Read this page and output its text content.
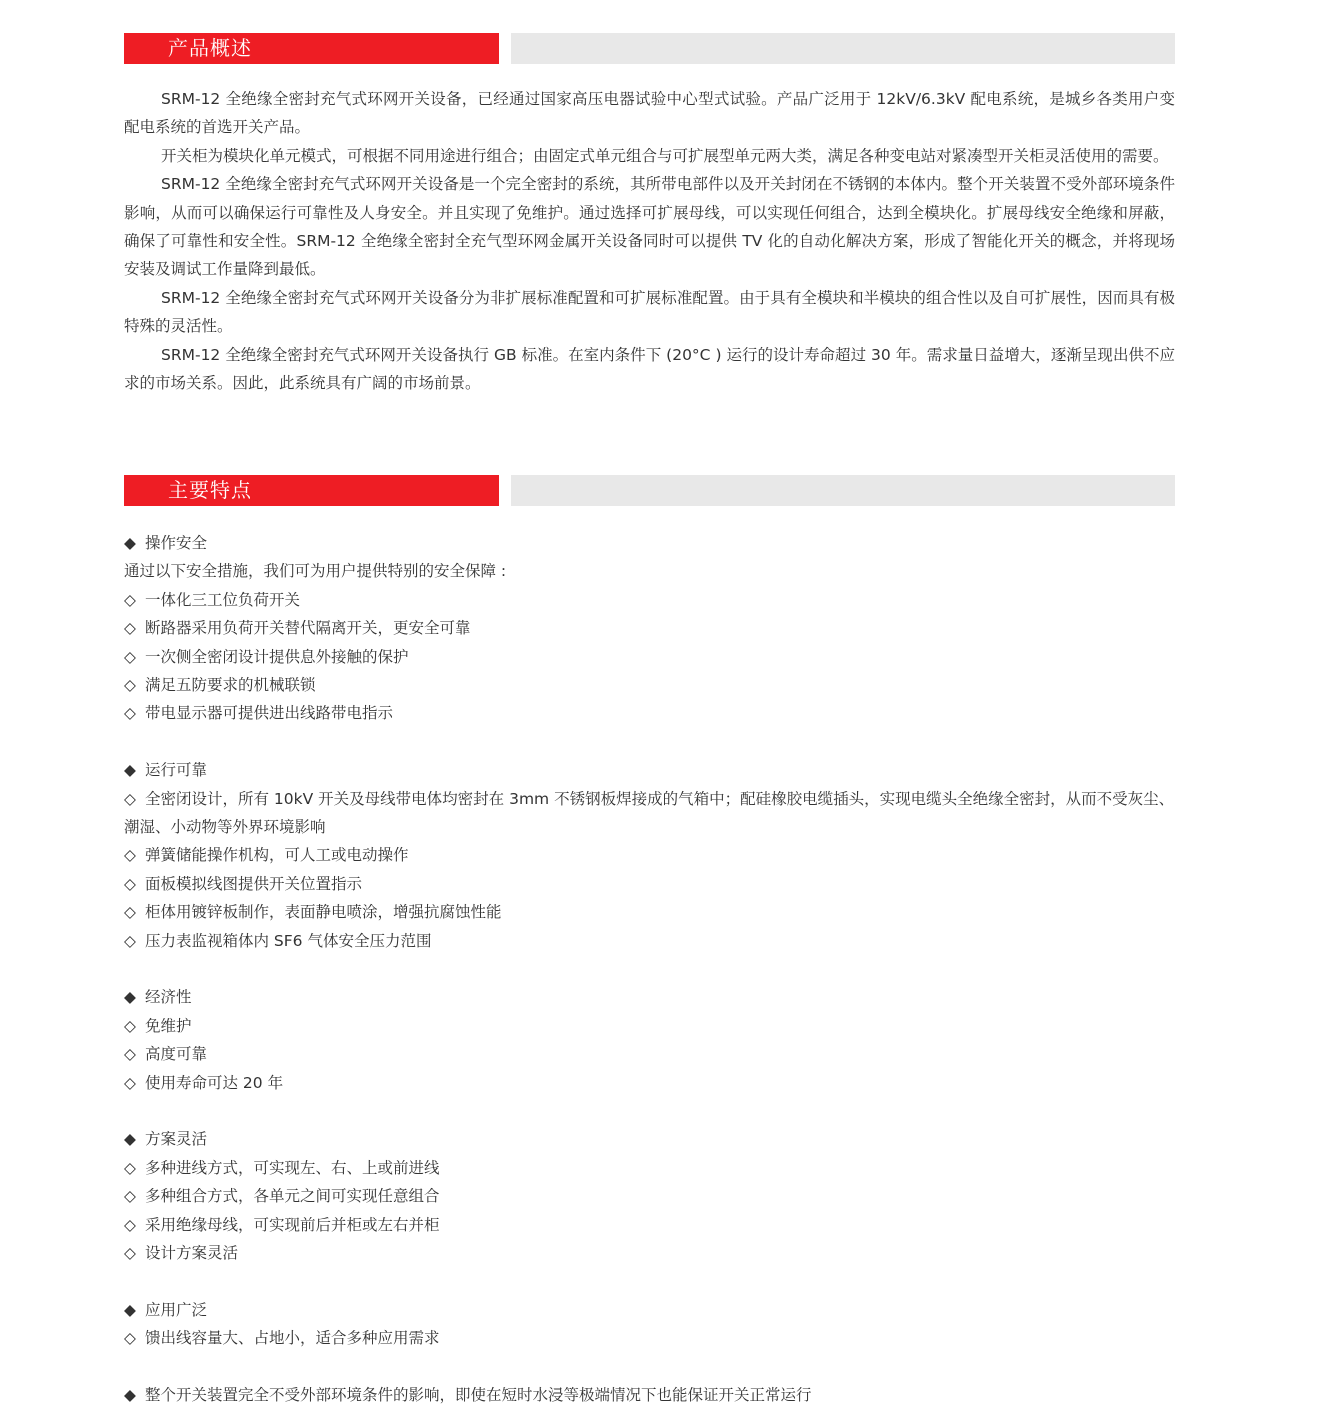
产品概述

SRM-12 全绝缘全密封充气式环网开关设备，已经通过国家高压电器试验中心型式试验。产品广泛用于 12kV/6.3kV 配电系统，是城乡各类用户变配电系统的首选开关产品。

开关柜为模块化单元模式，可根据不同用途进行组合；由固定式单元组合与可扩展型单元两大类，满足各种变电站对紧凑型开关柜灵活使用的需要。

SRM-12 全绝缘全密封充气式环网开关设备是一个完全密封的系统，其所带电部件以及开关封闭在不锈钢的本体内。整个开关装置不受外部环境条件影响，从而可以确保运行可靠性及人身安全。并且实现了免维护。通过选择可扩展母线，可以实现任何组合，达到全模块化。扩展母线安全绝缘和屏蔽，确保了可靠性和安全性。SRM-12 全绝缘全密封全充气型环网金属开关设备同时可以提供 TV 化的自动化解决方案，形成了智能化开关的概念，并将现场安装及调试工作量降到最低。

SRM-12 全绝缘全密封充气式环网开关设备分为非扩展标准配置和可扩展标准配置。由于具有全模块和半模块的组合性以及自可扩展性，因而具有极特殊的灵活性。

SRM-12 全绝缘全密封充气式环网开关设备执行 GB 标准。在室内条件下 (20°C ) 运行的设计寿命超过 30 年。需求量日益增大，逐渐呈现出供不应求的市场关系。因此，此系统具有广阔的市场前景。

主要特点
◆ 操作安全
通过以下安全措施，我们可为用户提供特别的安全保障 :
◇ 一体化三工位负荷开关
◇ 断路器采用负荷开关替代隔离开关，更安全可靠
◇ 一次侧全密闭设计提供息外接触的保护
◇ 满足五防要求的机械联锁
◇ 带电显示器可提供进出线路带电指示
◆ 运行可靠
◇ 全密闭设计，所有 10kV 开关及母线带电体均密封在 3mm 不锈钢板焊接成的气箱中；配硅橡胶电缆插头，实现电缆头全绝缘全密封，从而不受灰尘、潮湿、小动物等外界环境影响
◇ 弹簧储能操作机构，可人工或电动操作
◇ 面板模拟线图提供开关位置指示
◇ 柜体用镀锌板制作，表面静电喷涂，增强抗腐蚀性能
◇ 压力表监视箱体内 SF6 气体安全压力范围
◆ 经济性
◇ 免维护
◇ 高度可靠
◇ 使用寿命可达 20 年
◆ 方案灵活
◇ 多种进线方式，可实现左、右、上或前进线
◇ 多种组合方式，各单元之间可实现任意组合
◇ 采用绝缘母线，可实现前后并柜或左右并柜
◇ 设计方案灵活
◆ 应用广泛
◇ 馈出线容量大、占地小，适合多种应用需求
◆ 整个开关装置完全不受外部环境条件的影响，即使在短时水浸等极端情况下也能保证开关正常运行
